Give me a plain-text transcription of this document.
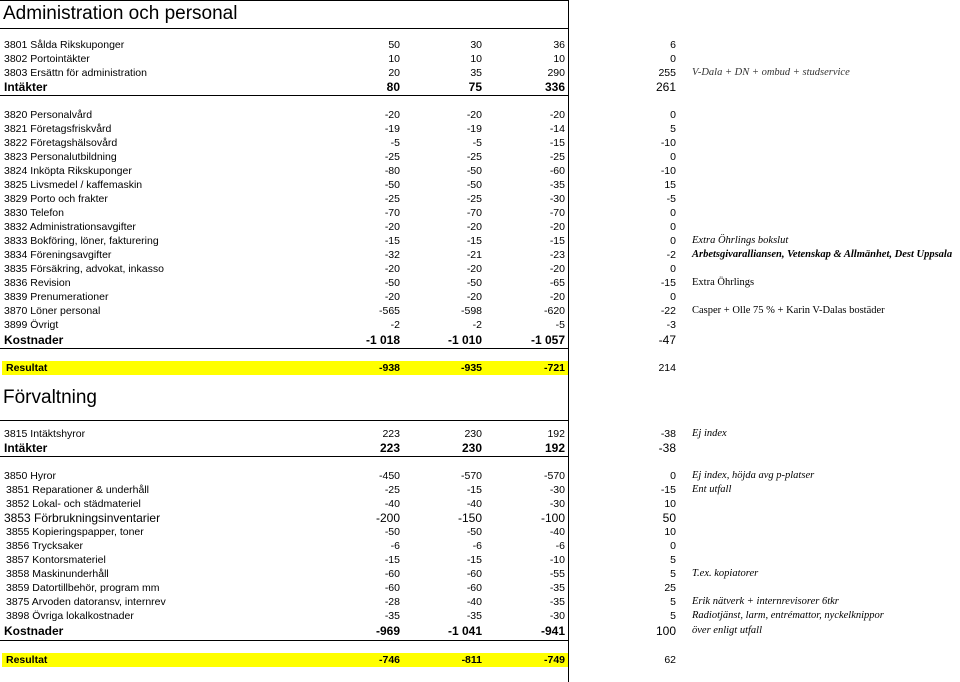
Administration och personal
Förvaltning
3801 Sålda Rikskuponger	50	30	36	6
3802 Portointäkter	10	10	10	0
3803 Ersättn för administration	20	35	290	255 V-Dala + DN + ombud + studservice
Intäkter	80	75	336	261
3820 Personalvård	-20	-20	-20	0
3821 Företagsfriskvård	-19	-19	-14	5
3822 Företagshälsovård	-5	-5	-15	-10
3823 Personalutbildning	-25	-25	-25	0
3824 Inköpta Rikskuponger	-80	-50	-60	-10
3825 Livsmedel / kaffemaskin	-50	-50	-35	15
3829 Porto och frakter	-25	-25	-30	-5
3830 Telefon	-70	-70	-70	0
3832 Administrationsavgifter	-20	-20	-20	0
3833 Bokföring, löner, fakturering	-15	-15	-15	0 Extra Öhrlings bokslut
3834 Föreningsavgifter	-32	-21	-23	-2 Arbetsgivaralliansen, Vetenskap & Allmänhet, Dest Uppsala
3835 Försäkring, advokat, inkasso	-20	-20	-20	0
3836 Revision	-50	-50	-65	-15 Extra Öhrlings
3839 Prenumerationer	-20	-20	-20	0
3870 Löner personal	-565	-598	-620	-22 Casper + Olle 75 % + Karin V-Dalas bostäder
3899 Övrigt	-2	-2	-5	-3
Kostnader	-1 018	-1 010	-1 057	-47
Resultat	-938	-935	-721	214
3815 Intäktshyror	223	230	192	-38 Ej index
Intäkter	223	230	192	-38
3850 Hyror	-450	-570	-570	0 Ej index, höjda avg p-platser
3851 Reparationer & underhåll	-25	-15	-30	-15 Ent utfall
3852 Lokal- och städmateriel	-40	-40	-30	10
3853 Förbrukningsinventarier	-200	-150	-100	50
3855 Kopieringspapper, toner	-50	-50	-40	10
3856 Trycksaker	-6	-6	-6	0
3857 Kontorsmateriel	-15	-15	-10	5
3858 Maskinunderhåll	-60	-60	-55	5 T.ex. kopiatorer
3859 Datortillbehör, program mm	-60	-60	-35	25
3875 Arvoden datoransv, internrev	-28	-40	-35	5 Erik nätverk + internrevisorer 6tkr
3898 Övriga lokalkostnader	-35	-35	-30	5 Radiotjänst, larm, entrémattor, nyckelknippor
Kostnader	-969	-1 041	-941	100 över enligt utfall
Resultat	-746	-811	-749	62
